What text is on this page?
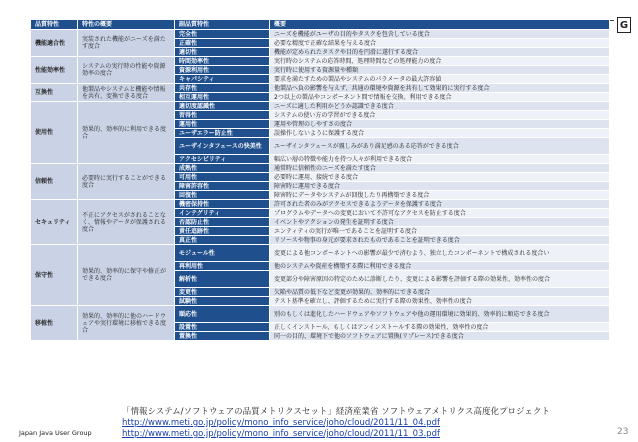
G
品質特性	特性の概要	副品質特性	概要
機能適合性	実装された機能がニーズを満たす度合	完全性	ニーズを機能がユーザの目的やタスクを包含している度合
		正確性	必要な精度で正確な結果を与える度合
		適切性	機能が定められたタスクや目的を円滑に遂行する度合
性能効率性	システムの実行時の性能や資源効率の度合	時間効率性	実行時のシステムの応答時間、処理時間などの処理能力の度合
		資源利用性	実行時に使用する資源量や種類
		キャパシティ	要求を満たすための製品やシステムのパラメータの最大許容値
互換性	他製品やシステムと機能や情報を共有、変換できる度合	共存性	他製品へ負の影響を与えず、共通の環境や資源を共有して効果的に実行する度合
		相互運用性	2つ以上の製品やコンポーネント間で情報を交換、利用できる度合
使用性	効果的、効率的に利用できる度合	適切度認識性	ニーズに適した利用かどうか認識できる度合
		習得性	システムの使い方の学習ができる度合
		運用性	運用や管理のしやすさの度合
		ユーザエラー防止性	誤操作しないように保護する度合
		ユーザインタフェースの快美性	ユーザインタフェースが親しみがあり満足感のある応答ができる度合
		アクセシビリティ	幅広い層の特徴や能力を持つ人々が利用できる度合
信頼性	必要時に実行することができる度合	成熟性	通常時に信頼性のニーズを満たす度合
		可用性	必要時に運用、接続できる度合
		障害許容性	障害時に運用できる度合
		回復性	障害時にデータやシステムが回復したり再構築できる度合
セキュリティ	不正にアクセスがされることなく、情報やデータが保護される度合	機密保持性	許可された者のみがアクセスできるようデータを保護する度合
		インテグリティ	プログラムやデータへの変更において不許可なアクセスを防止する度合
		否認防止性	イベントやアクションの発生を証明する度合
		責任追跡性	エンティティの実行が唯一であることを証明する度合
		真正性	リソースや物事の身元が要求されたものであることを証明できる度合
保守性	効果的、効率的に保守や修正ができる度合	モジュール性	変更による他コンポーネントへの影響が最少で済むよう、独立したコンポーネントで構成される度合い
		再利用性	他のシステムや資産を構築する際に利用できる度合
		解析性	変更部分や障害原因の特定のために診断したり、変更による影響を評価する際の効果性、効率性の度合
		変更性	欠陥や品質の低下など変更が効果的、効率的にできる度合
		試験性	テスト基準を確立し、評価するために実行する際の効果性、効率性の度合
移植性	効果的、効率的に他のハードウェアや実行環境に移植できる度合	順応性	別のもしくは進化したハードウェアやソフトウェアや他の運用環境に効果的、効率的に順応できる度合
		設置性	正しくインストール、もしくはアンインストールする際の効果性、効率性の度合
		置換性	同一の目的、環境下で他のソフトウェアに置換(リプレース)できる度合
「情報システム/ソフトウェアの品質メトリクスセット」経済産業省 ソフトウェアメトリクス高度化プロジェクト
http://www.meti.go.jp/policy/mono_info_service/joho/cloud/2011/11_04.pdf
http://www.meti.go.jp/policy/mono_info_service/joho/cloud/2011/11_03.pdf
Japan Java User Group	23
